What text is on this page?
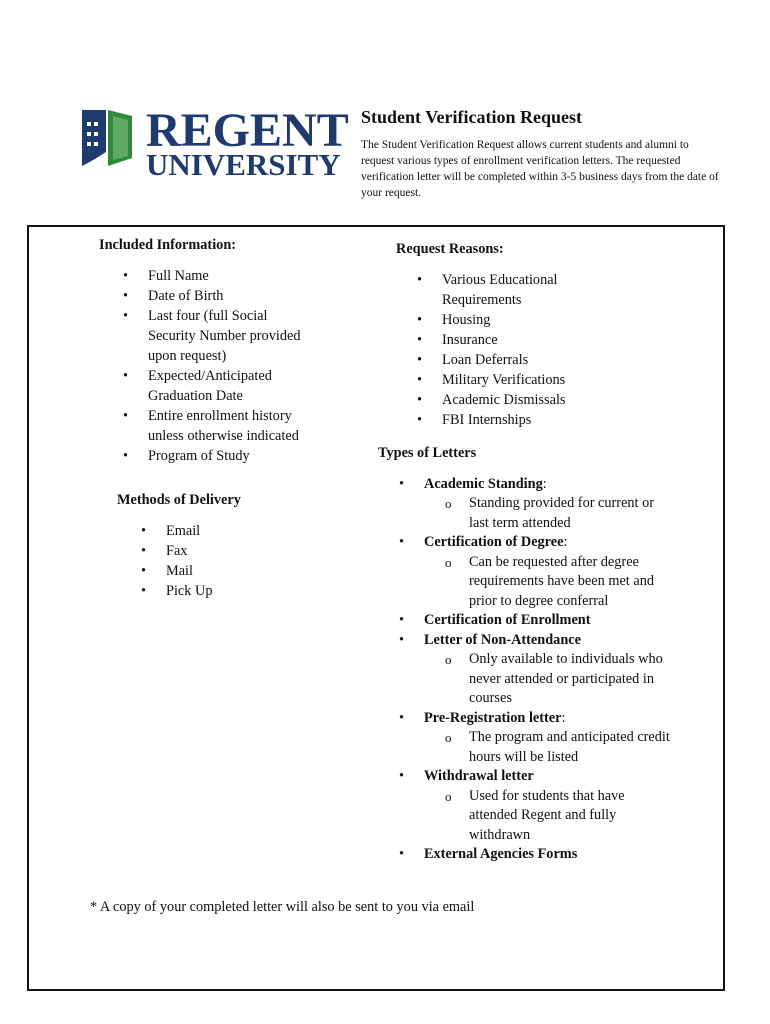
REGENT
UNIVERSITY
Student Verification Request

The Student Verification Request allows current students and alumni to request various types of enrollment verification letters. The requested verification letter will be completed within 3-5 business days from the date of your request.

Included Information:

• Full Name
• Date of Birth
• Last four (full Social Security Number provided upon request)
• Expected/Anticipated Graduation Date
• Entire enrollment history unless otherwise indicated
• Program of Study

Methods of Delivery

• Email
• Fax
• Mail
• Pick Up

Request Reasons:

• Various Educational Requirements
• Housing
• Insurance
• Loan Deferrals
• Military Verifications
• Academic Dismissals
• FBI Internships

Types of Letters

• Academic Standing:
o Standing provided for current or last term attended
• Certification of Degree:
o Can be requested after degree requirements have been met and prior to degree conferral
• Certification of Enrollment
• Letter of Non-Attendance
o Only available to individuals who never attended or participated in courses
• Pre-Registration letter:
o The program and anticipated credit hours will be listed
• Withdrawal letter
o Used for students that have attended Regent and fully withdrawn
• External Agencies Forms
* A copy of your completed letter will also be sent to you via email
